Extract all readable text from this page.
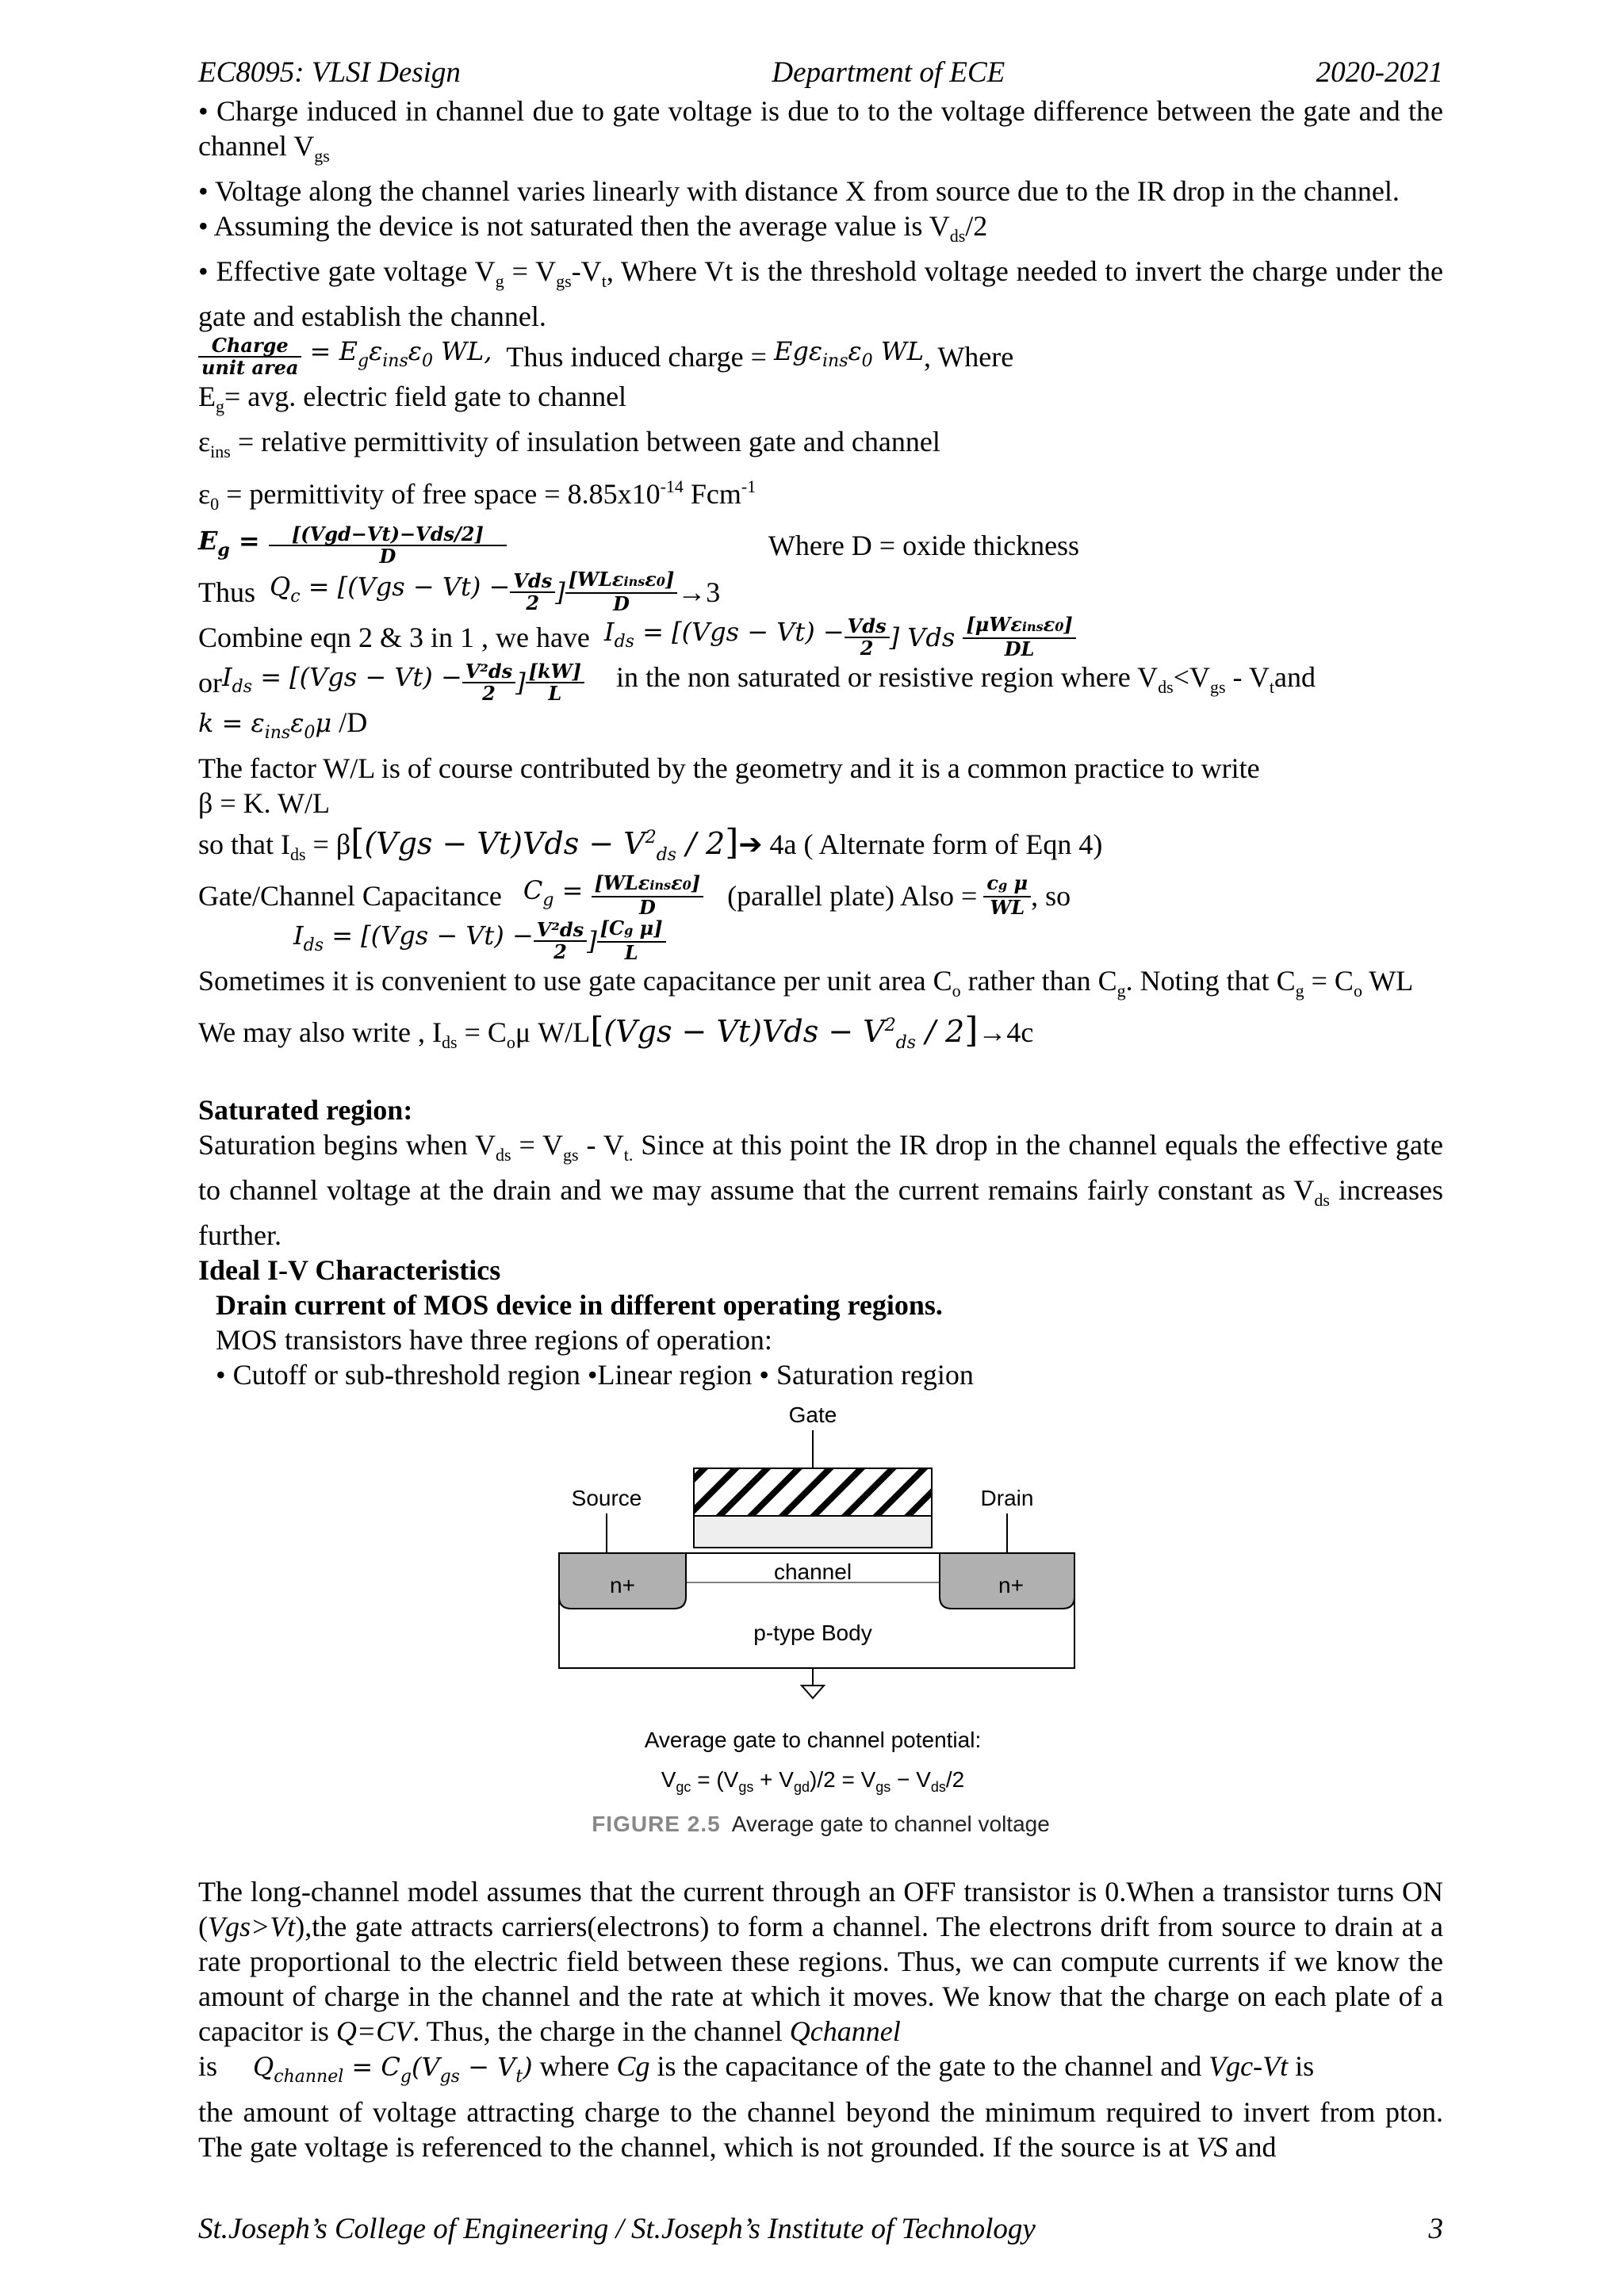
EC8095: VLSI Design	Department of ECE	2020-2021

• Charge induced in channel due to gate voltage is due to to the voltage difference between the gate and the channel $V_{gs}$

• Voltage along the channel varies linearly with distance X from source due to the IR drop in the channel.

• Assuming the device is not saturated then the average value is $V_{ds}/2$

• Effective gate voltage $V_g = V_{gs}-V_t$, Where Vt is the threshold voltage needed to invert the charge under the gate and establish the channel.

$\frac{\text{Charge}}{\text{unit area}} = E_g\varepsilon_{ins}\varepsilon_0$ WL, Thus induced charge = $Eg\varepsilon_{ins}\varepsilon_0$ WL , Where

$E_g=$ avg. electric field gate to channel

$\varepsilon_{ins}$ = relative permittivity of insulation between gate and channel

$\varepsilon_0$ = permittivity of free space = $8.85x10^{-14}$ Fcm$^{-1}$

$E_g = \frac{\text{[(Vgd−Vt)−Vds/2]}}{D}$	Where D = oxide thickness
Thus
$Q_c = [(Vgs - Vt) - \frac{\text{Vds}}{2}$ ] $\frac{\text{[WLεinsε0]}}{D} \to 3$
Combine eqn 2 & 3 in 1 , we have
$I_{ds} = [(Vgs - Vt) - \frac{\text{Vds}}{2}$ ] Vds $\frac{\text{[μWεinsε0]}}{DL}$
or $I_{ds} = [(Vgs - Vt) - \frac{\text{V²ds}}{2}$ ] $\frac{[kW]}{L}$ in the non saturated or resistive region where $V_{ds}<V_{gs} - V_tand$

$k = \varepsilon_{ins}\varepsilon_0\mu$ /D

The factor W/L is of course contributed by the geometry and it is a common practice to write

β = K. W/L

so that $I_{ds} = \beta[(Vgs - Vt)Vds - V^2_{ds}$ / 2]➔ 4a ( Alternate form of Eqn 4)

Gate/Channel Capacitance
$C_g = \frac{\text{[WLεinsε0]}}{D}$ (parallel plate) Also = $\frac{\text{cg μ}}{WL}$ , so
$I_{ds} = [(Vgs - Vt) - \frac{\text{V²ds}}{2}$ ] $\frac{\text{[Cg μ]}}{L}$

Sometimes it is convenient to use gate capacitance per unit area $C_o$ rather than $C_g$. Noting that $C_g = C_o$ WL

We may also write , $I_{ds} = C_o\mu$ $W/L[(Vgs - Vt)Vds - V^2_{ds} / 2]\to 4c$

Saturated region:

Saturation begins when $V_{ds} = V_{gs} - V_{t.}$ Since at this point the IR drop in the channel equals the effective gate to channel voltage at the drain and we may assume that the current remains fairly constant as $V_{ds}$ increases further.

Ideal I-V Characteristics

Drain current of MOS device in different operating regions.

MOS transistors have three regions of operation:

• Cutoff or sub-threshold region •Linear region • Saturation region

Gate
Source	Drain
n+	n+
channel
p-type Body
Average gate to channel potential:
$V_{gc} = (V_{gs} + V_{gd})/2 = V_{gs} - V_{ds}/2$
FIGURE 2.5 Average gate to channel voltage

The long-channel model assumes that the current through an OFF transistor is 0.When a transistor turns ON (Vgs>Vt),the gate attracts carriers(electrons) to form a channel. The electrons drift from source to drain at a rate proportional to the electric field between these regions. Thus, we can compute currents if we know the amount of charge in the channel and the rate at which it moves. We know that the charge on each plate of a capacitor is Q=CV. Thus, the charge in the channel Qchannel

is $Q_{channel} = C_g(V_{gs} - V_t)$ where Cg is the capacitance of the gate to the channel and Vgc-Vt is

the amount of voltage attracting charge to the channel beyond the minimum required to invert from pton. The gate voltage is referenced to the channel, which is not grounded. If the source is at VS and

St.Joseph’s College of Engineering / St.Joseph’s Institute of Technology	3
